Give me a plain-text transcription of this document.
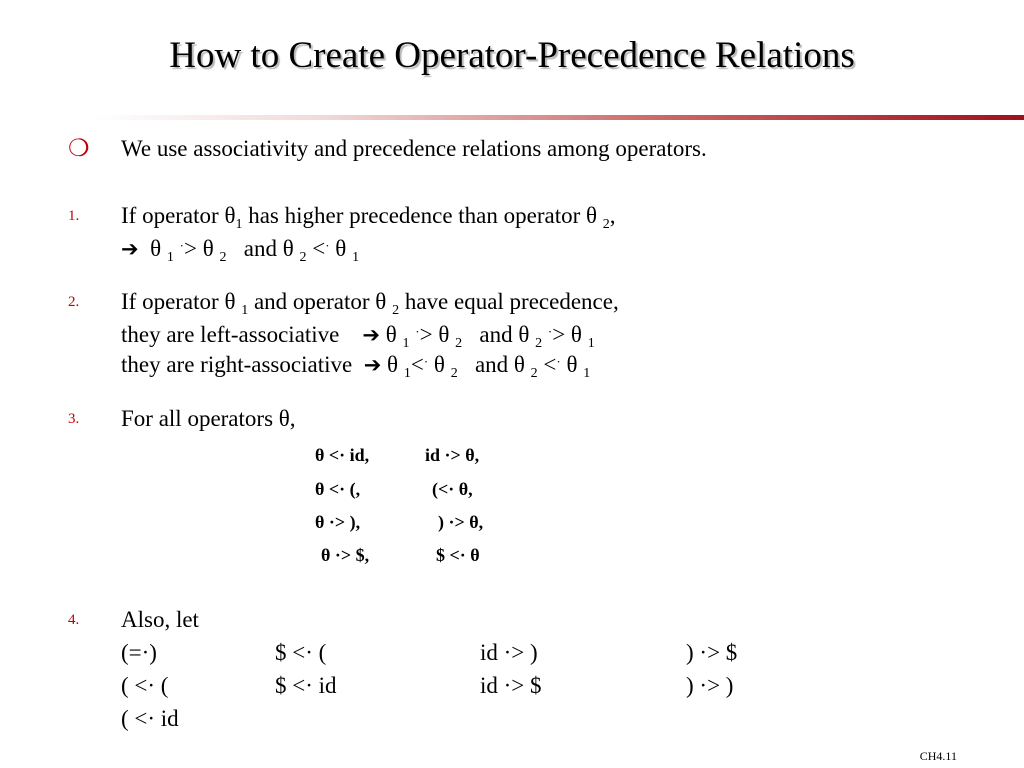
How to Create Operator-Precedence Relations
❍ We use associativity and precedence relations among operators.
1. If operator $\theta_1$ has higher precedence than operator θ $_2$,
➔  θ $_1$ ·> θ $_2$   and θ $_2$ <· θ $_1$
2. If operator θ $_1$ and operator θ $_2$ have equal precedence,
they are left-associative    ➔ θ $_1$ ·> θ $_2$   and θ $_2$ ·> θ $_1$
they are right-associative  ➔ θ $_1$<· θ $_2$   and θ $_2$ <· θ $_1$
3. For all operators θ,
θ <· id,	id ·> θ,
θ <· (,	(<· θ,
θ ·> ),	) ·> θ,
θ ·> $,	$ <· θ
4. Also, let
(=·)	$ <· (	id ·> )	) ·> $
( <· (	$ <· id	id ·> $	) ·> )
( <· id
CH4.11
